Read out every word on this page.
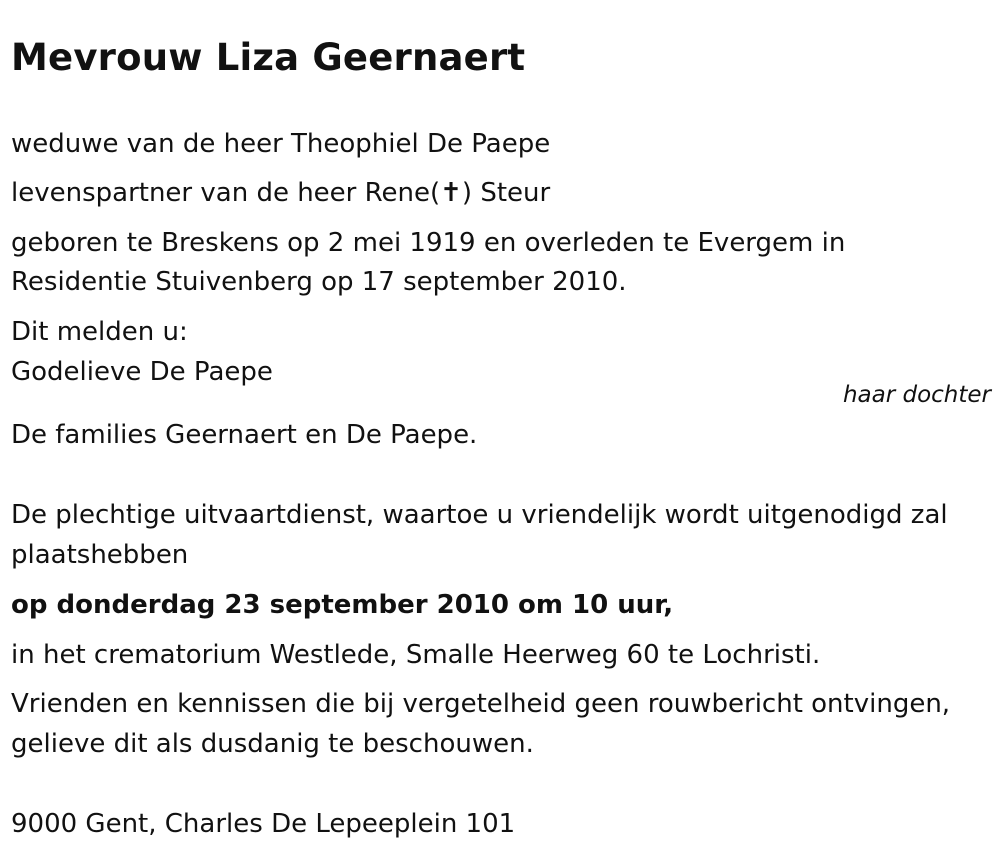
Mevrouw Liza Geernaert

weduwe van de heer Theophiel De Paepe

levenspartner van de heer Rene(✝) Steur

geboren te Breskens op 2 mei 1919 en overleden te Evergem in

Residentie Stuivenberg op 17 september 2010.

Dit melden u:

Godelieve De Paepe

haar dochter

De families Geernaert en De Paepe.

De plechtige uitvaartdienst, waartoe u vriendelijk wordt uitgenodigd zal

plaatshebben

op donderdag 23 september 2010 om 10 uur,

in het crematorium Westlede, Smalle Heerweg 60 te Lochristi.

Vrienden en kennissen die bij vergetelheid geen rouwbericht ontvingen,

gelieve dit als dusdanig te beschouwen.

9000 Gent, Charles De Lepeeplein 101
